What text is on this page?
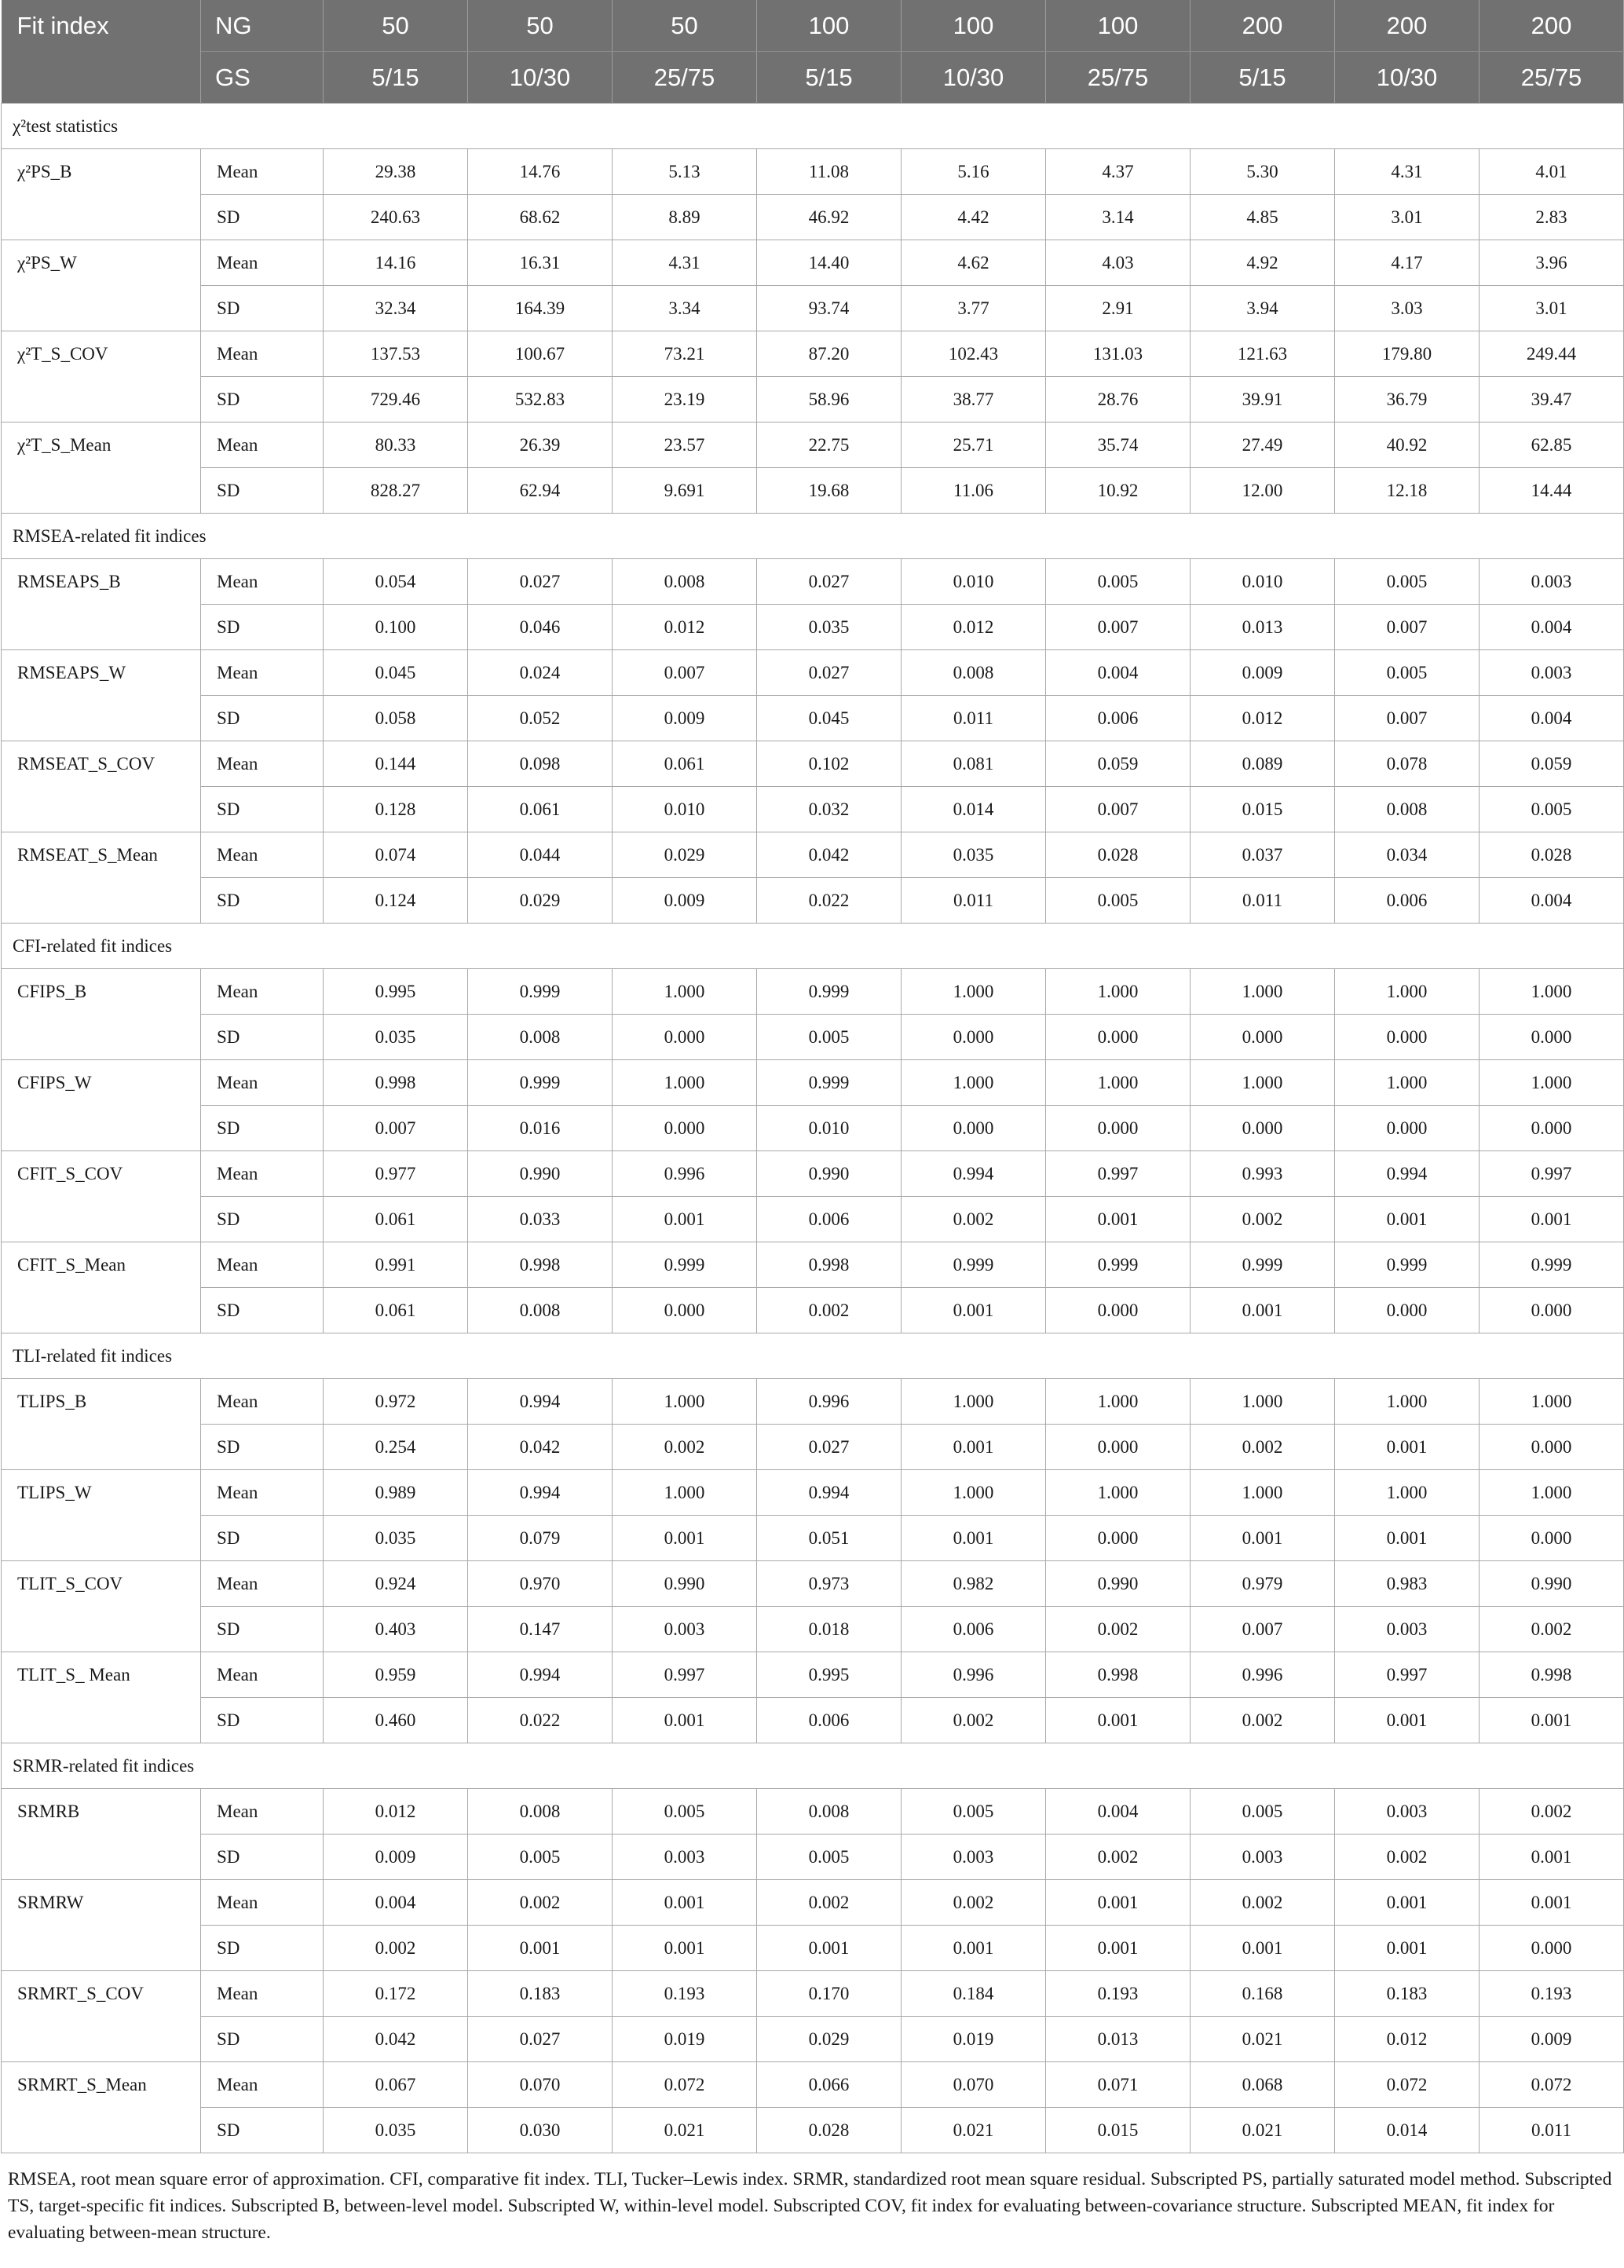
Fit index	NG	50	50	50	100	100	100	200	200	200
	GS	5/15	10/30	25/75	5/15	10/30	25/75	5/15	10/30	25/75
χ²test statistics										
χ²PS_B	Mean	29.38	14.76	5.13	11.08	5.16	4.37	5.30	4.31	4.01
	SD	240.63	68.62	8.89	46.92	4.42	3.14	4.85	3.01	2.83
χ²PS_W	Mean	14.16	16.31	4.31	14.40	4.62	4.03	4.92	4.17	3.96
	SD	32.34	164.39	3.34	93.74	3.77	2.91	3.94	3.03	3.01
χ²T_S_COV	Mean	137.53	100.67	73.21	87.20	102.43	131.03	121.63	179.80	249.44
	SD	729.46	532.83	23.19	58.96	38.77	28.76	39.91	36.79	39.47
χ²T_S_Mean	Mean	80.33	26.39	23.57	22.75	25.71	35.74	27.49	40.92	62.85
	SD	828.27	62.94	9.691	19.68	11.06	10.92	12.00	12.18	14.44
RMSEA-related fit indices										
RMSEAPS_B	Mean	0.054	0.027	0.008	0.027	0.010	0.005	0.010	0.005	0.003
	SD	0.100	0.046	0.012	0.035	0.012	0.007	0.013	0.007	0.004
RMSEAPS_W	Mean	0.045	0.024	0.007	0.027	0.008	0.004	0.009	0.005	0.003
	SD	0.058	0.052	0.009	0.045	0.011	0.006	0.012	0.007	0.004
RMSEAT_S_COV	Mean	0.144	0.098	0.061	0.102	0.081	0.059	0.089	0.078	0.059
	SD	0.128	0.061	0.010	0.032	0.014	0.007	0.015	0.008	0.005
RMSEAT_S_Mean	Mean	0.074	0.044	0.029	0.042	0.035	0.028	0.037	0.034	0.028
	SD	0.124	0.029	0.009	0.022	0.011	0.005	0.011	0.006	0.004
CFI-related fit indices										
CFIPS_B	Mean	0.995	0.999	1.000	0.999	1.000	1.000	1.000	1.000	1.000
	SD	0.035	0.008	0.000	0.005	0.000	0.000	0.000	0.000	0.000
CFIPS_W	Mean	0.998	0.999	1.000	0.999	1.000	1.000	1.000	1.000	1.000
	SD	0.007	0.016	0.000	0.010	0.000	0.000	0.000	0.000	0.000
CFIT_S_COV	Mean	0.977	0.990	0.996	0.990	0.994	0.997	0.993	0.994	0.997
	SD	0.061	0.033	0.001	0.006	0.002	0.001	0.002	0.001	0.001
CFIT_S_Mean	Mean	0.991	0.998	0.999	0.998	0.999	0.999	0.999	0.999	0.999
	SD	0.061	0.008	0.000	0.002	0.001	0.000	0.001	0.000	0.000
TLI-related fit indices										
TLIPS_B	Mean	0.972	0.994	1.000	0.996	1.000	1.000	1.000	1.000	1.000
	SD	0.254	0.042	0.002	0.027	0.001	0.000	0.002	0.001	0.000
TLIPS_W	Mean	0.989	0.994	1.000	0.994	1.000	1.000	1.000	1.000	1.000
	SD	0.035	0.079	0.001	0.051	0.001	0.000	0.001	0.001	0.000
TLIT_S_COV	Mean	0.924	0.970	0.990	0.973	0.982	0.990	0.979	0.983	0.990
	SD	0.403	0.147	0.003	0.018	0.006	0.002	0.007	0.003	0.002
TLIT_S_ Mean	Mean	0.959	0.994	0.997	0.995	0.996	0.998	0.996	0.997	0.998
	SD	0.460	0.022	0.001	0.006	0.002	0.001	0.002	0.001	0.001
SRMR-related fit indices										
SRMRB	Mean	0.012	0.008	0.005	0.008	0.005	0.004	0.005	0.003	0.002
	SD	0.009	0.005	0.003	0.005	0.003	0.002	0.003	0.002	0.001
SRMRW	Mean	0.004	0.002	0.001	0.002	0.002	0.001	0.002	0.001	0.001
	SD	0.002	0.001	0.001	0.001	0.001	0.001	0.001	0.001	0.000
SRMRT_S_COV	Mean	0.172	0.183	0.193	0.170	0.184	0.193	0.168	0.183	0.193
	SD	0.042	0.027	0.019	0.029	0.019	0.013	0.021	0.012	0.009
SRMRT_S_Mean	Mean	0.067	0.070	0.072	0.066	0.070	0.071	0.068	0.072	0.072
	SD	0.035	0.030	0.021	0.028	0.021	0.015	0.021	0.014	0.011

RMSEA, root mean square error of approximation. CFI, comparative fit index. TLI, Tucker–Lewis index. SRMR, standardized root mean square residual. Subscripted PS, partially saturated model method. Subscripted TS, target-specific fit indices. Subscripted B, between-level model. Subscripted W, within-level model. Subscripted COV, fit index for evaluating between-covariance structure. Subscripted MEAN, fit index for evaluating between-mean structure.
